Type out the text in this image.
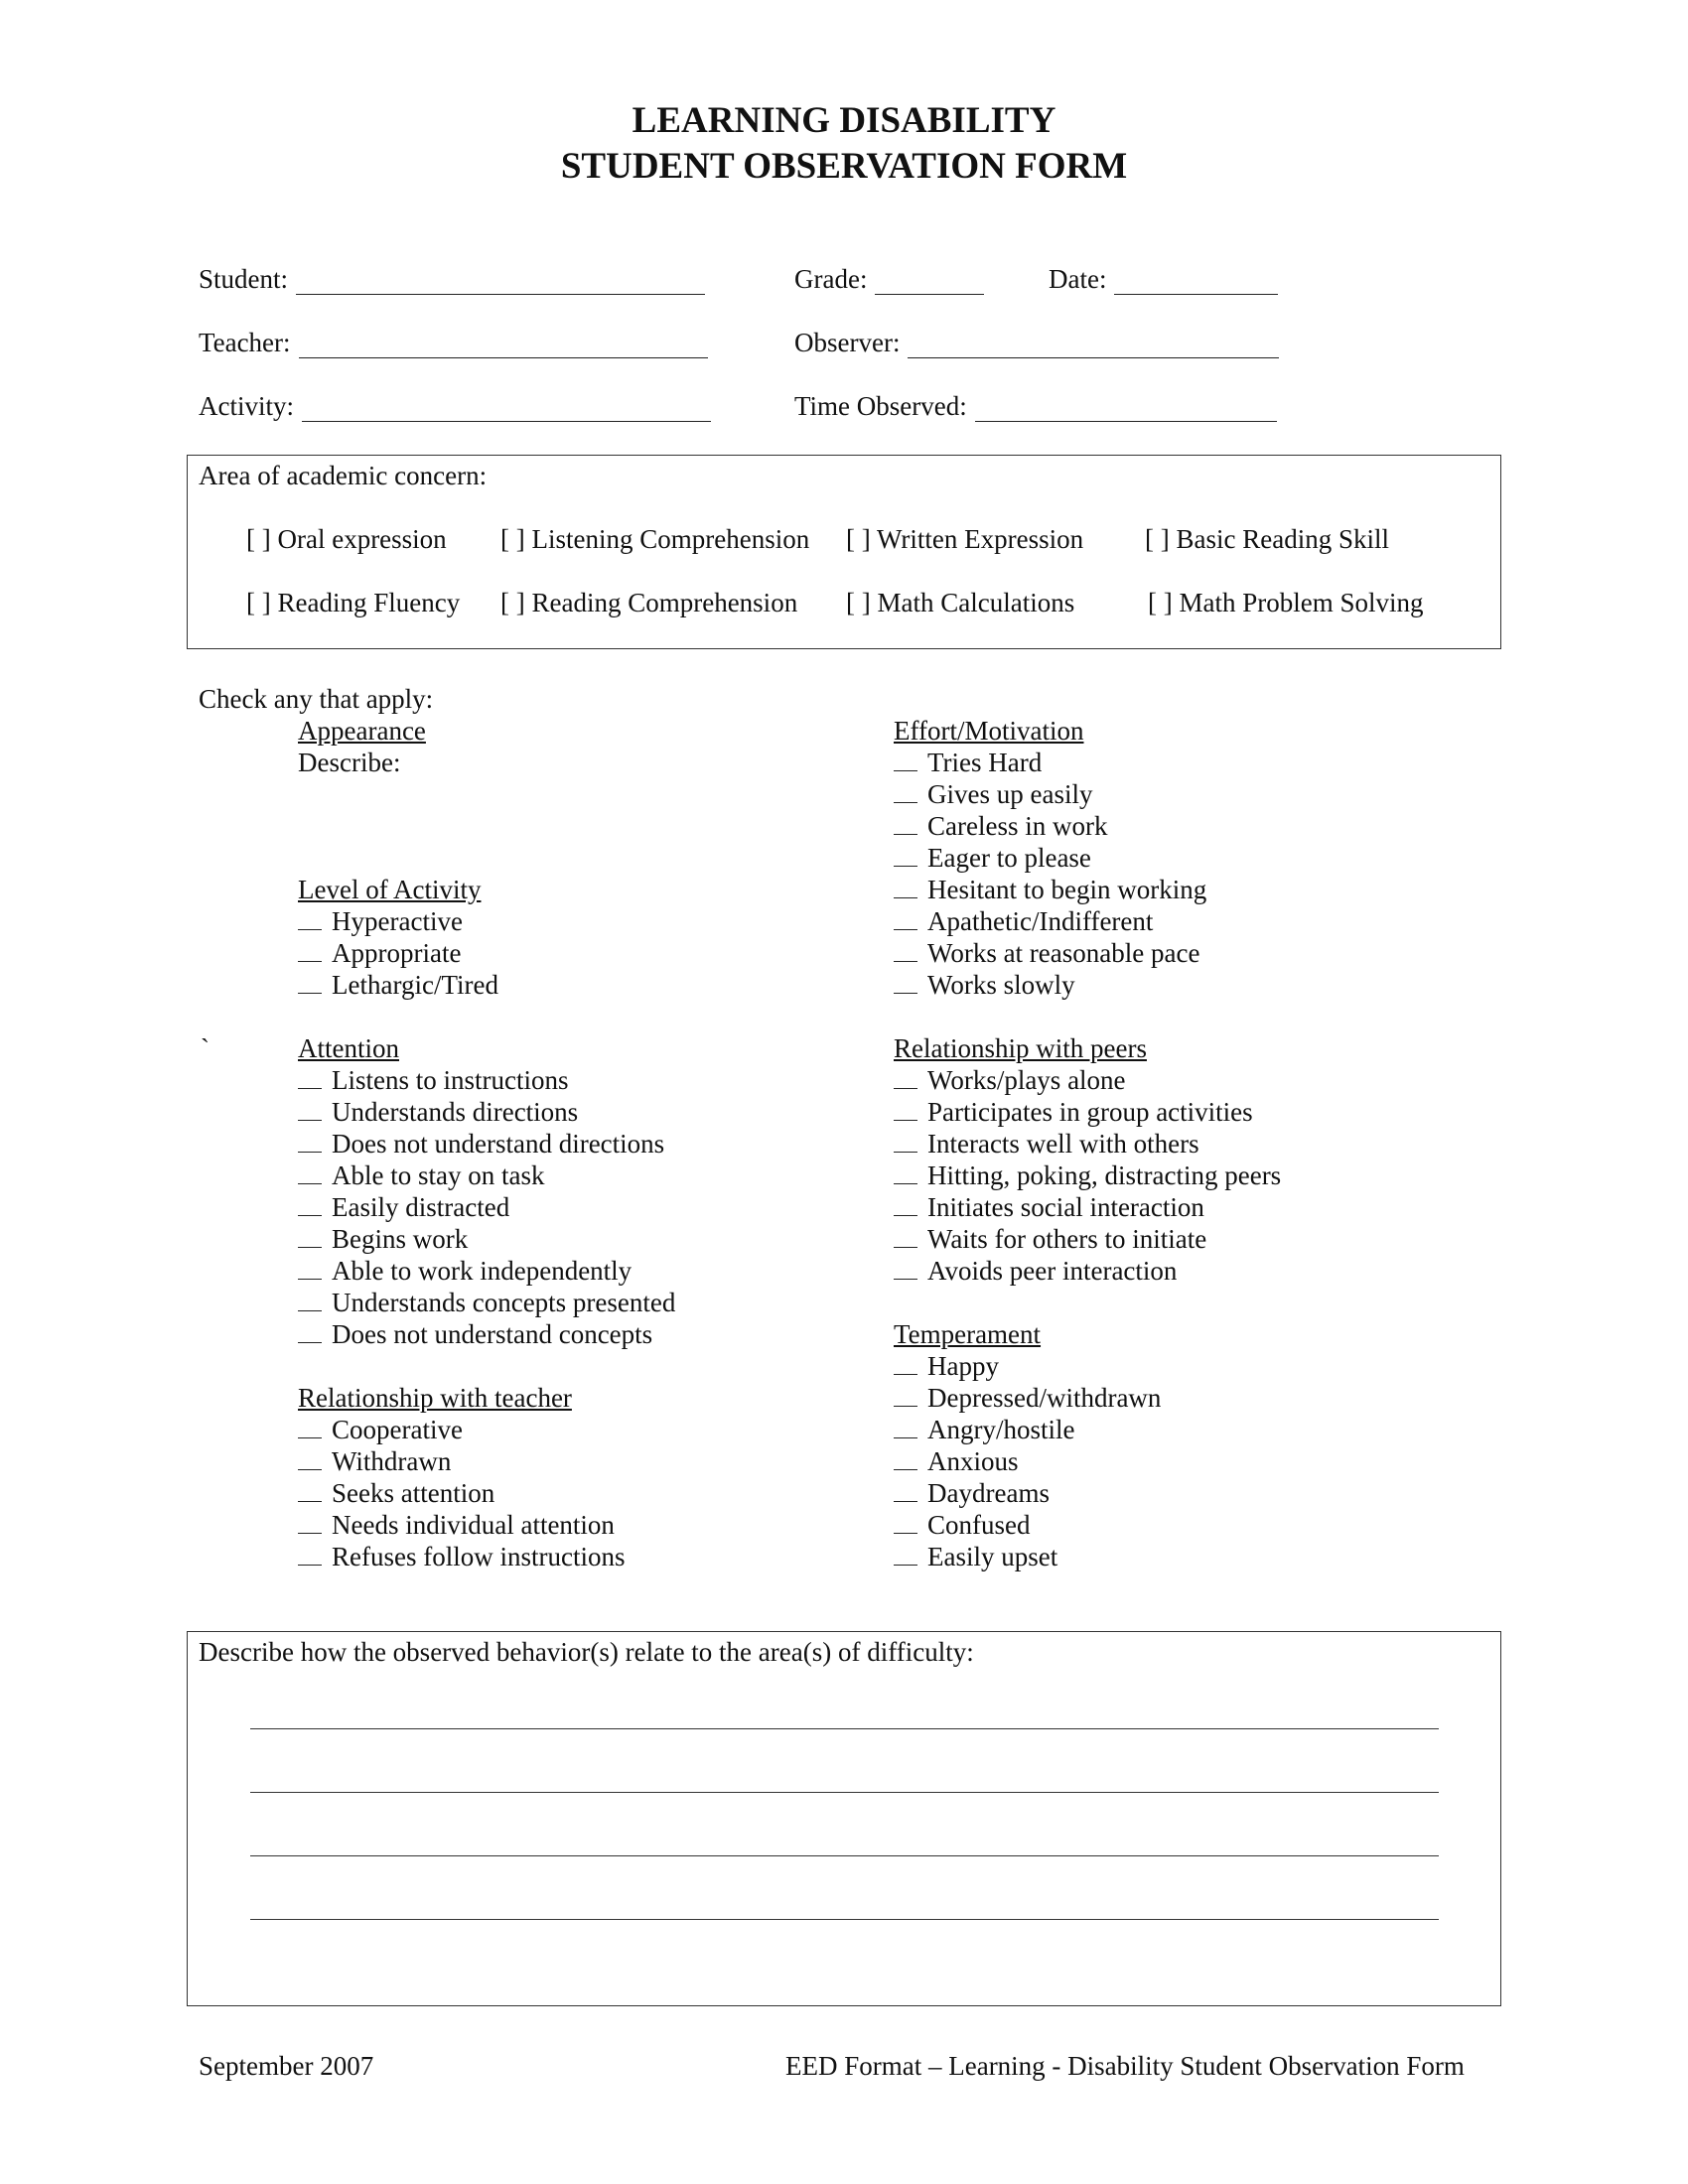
LEARNING DISABILITY
STUDENT OBSERVATION FORM
Student:	Grade:	Date:
Teacher:	Observer:
Activity:	Time Observed:
Area of academic concern:
[ ] Oral expression [ ] Listening Comprehension [ ] Written Expression [ ] Basic Reading Skill
[ ] Reading Fluency [ ] Reading Comprehension [ ] Math Calculations	[ ] Math Problem Solving
Check any that apply:
Appearance
Describe:
Level of Activity
Hyperactive
Appropriate
Lethargic/Tired
`	Attention
Listens to instructions
Understands directions
Does not understand directions
Able to stay on task
Easily distracted
Begins work
Able to work independently
Understands concepts presented
Does not understand concepts
Relationship with teacher
Cooperative
Withdrawn
Seeks attention
Needs individual attention
Refuses follow instructions
Effort/Motivation
Tries Hard
Gives up easily
Careless in work
Eager to please
Hesitant to begin working
Apathetic/Indifferent
Works at reasonable pace
Works slowly
Relationship with peers
Works/plays alone
Participates in group activities
Interacts well with others
Hitting, poking, distracting peers
Initiates social interaction
Waits for others to initiate
Avoids peer interaction
Temperament
Happy
Depressed/withdrawn
Angry/hostile
Anxious
Daydreams
Confused
Easily upset
Describe how the observed behavior(s) relate to the area(s) of difficulty:
September 2007	EED Format – Learning - Disability Student Observation Form
